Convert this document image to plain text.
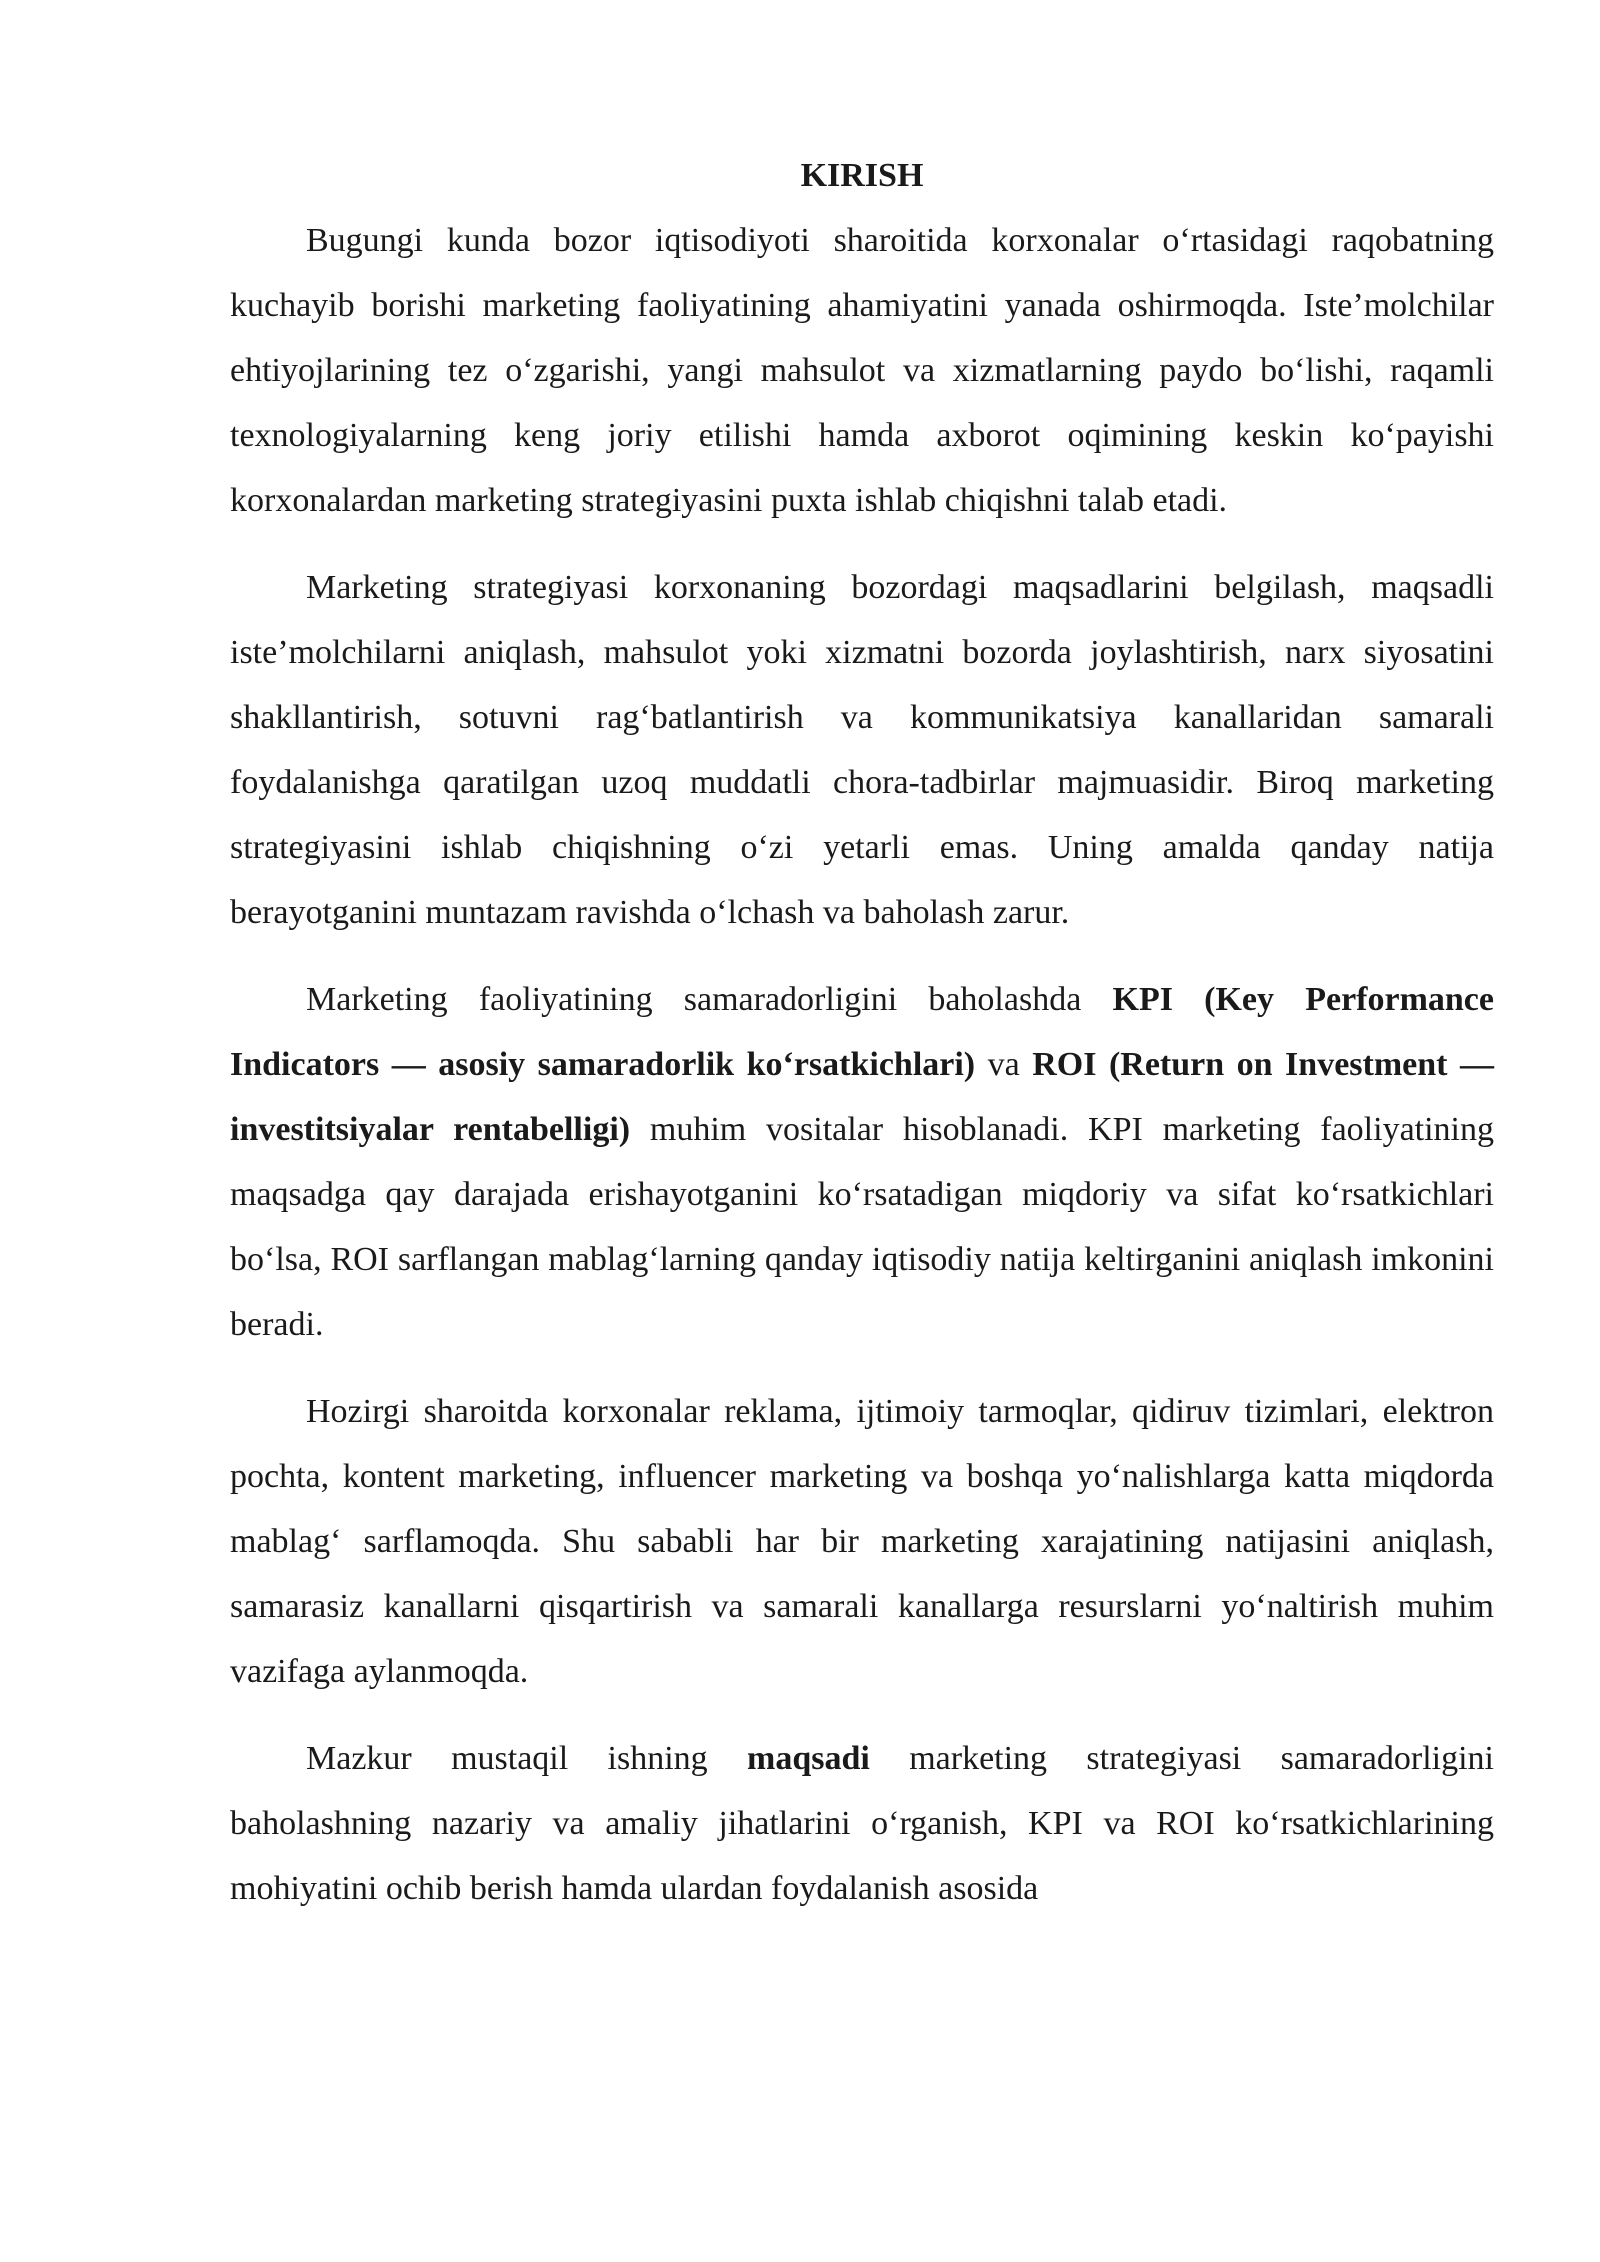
KIRISH

Bugungi kunda bozor iqtisodiyoti sharoitida korxonalar o‘rtasidagi raqobatning kuchayib borishi marketing faoliyatining ahamiyatini yanada oshirmoqda. Iste’molchilar ehtiyojlarining tez o‘zgarishi, yangi mahsulot va xizmatlarning paydo bo‘lishi, raqamli texnologiyalarning keng joriy etilishi hamda axborot oqimining keskin ko‘payishi korxonalardan marketing strategiyasini puxta ishlab chiqishni talab etadi.

Marketing strategiyasi korxonaning bozordagi maqsadlarini belgilash, maqsadli iste’molchilarni aniqlash, mahsulot yoki xizmatni bozorda joylashtirish, narx siyosatini shakllantirish, sotuvni rag‘batlantirish va kommunikatsiya kanallaridan samarali foydalanishga qaratilgan uzoq muddatli chora-tadbirlar majmuasidir. Biroq marketing strategiyasini ishlab chiqishning o‘zi yetarli emas. Uning amalda qanday natija berayotganini muntazam ravishda o‘lchash va baholash zarur.

Marketing faoliyatining samaradorligini baholashda KPI (Key Performance Indicators — asosiy samaradorlik ko‘rsatkichlari) va ROI (Return on Investment — investitsiyalar rentabelligi) muhim vositalar hisoblanadi. KPI marketing faoliyatining maqsadga qay darajada erishayotganini ko‘rsatadigan miqdoriy va sifat ko‘rsatkichlari bo‘lsa, ROI sarflangan mablag‘larning qanday iqtisodiy natija keltirganini aniqlash imkonini beradi.

Hozirgi sharoitda korxonalar reklama, ijtimoiy tarmoqlar, qidiruv tizimlari, elektron pochta, kontent marketing, influencer marketing va boshqa yo‘nalishlarga katta miqdorda mablag‘ sarflamoqda. Shu sababli har bir marketing xarajatining natijasini aniqlash, samarasiz kanallarni qisqartirish va samarali kanallarga resurslarni yo‘naltirish muhim vazifaga aylanmoqda.

Mazkur mustaqil ishning maqsadi marketing strategiyasi samaradorligini baholashning nazariy va amaliy jihatlarini o‘rganish, KPI va ROI ko‘rsatkichlarining mohiyatini ochib berish hamda ulardan foydalanish asosida
